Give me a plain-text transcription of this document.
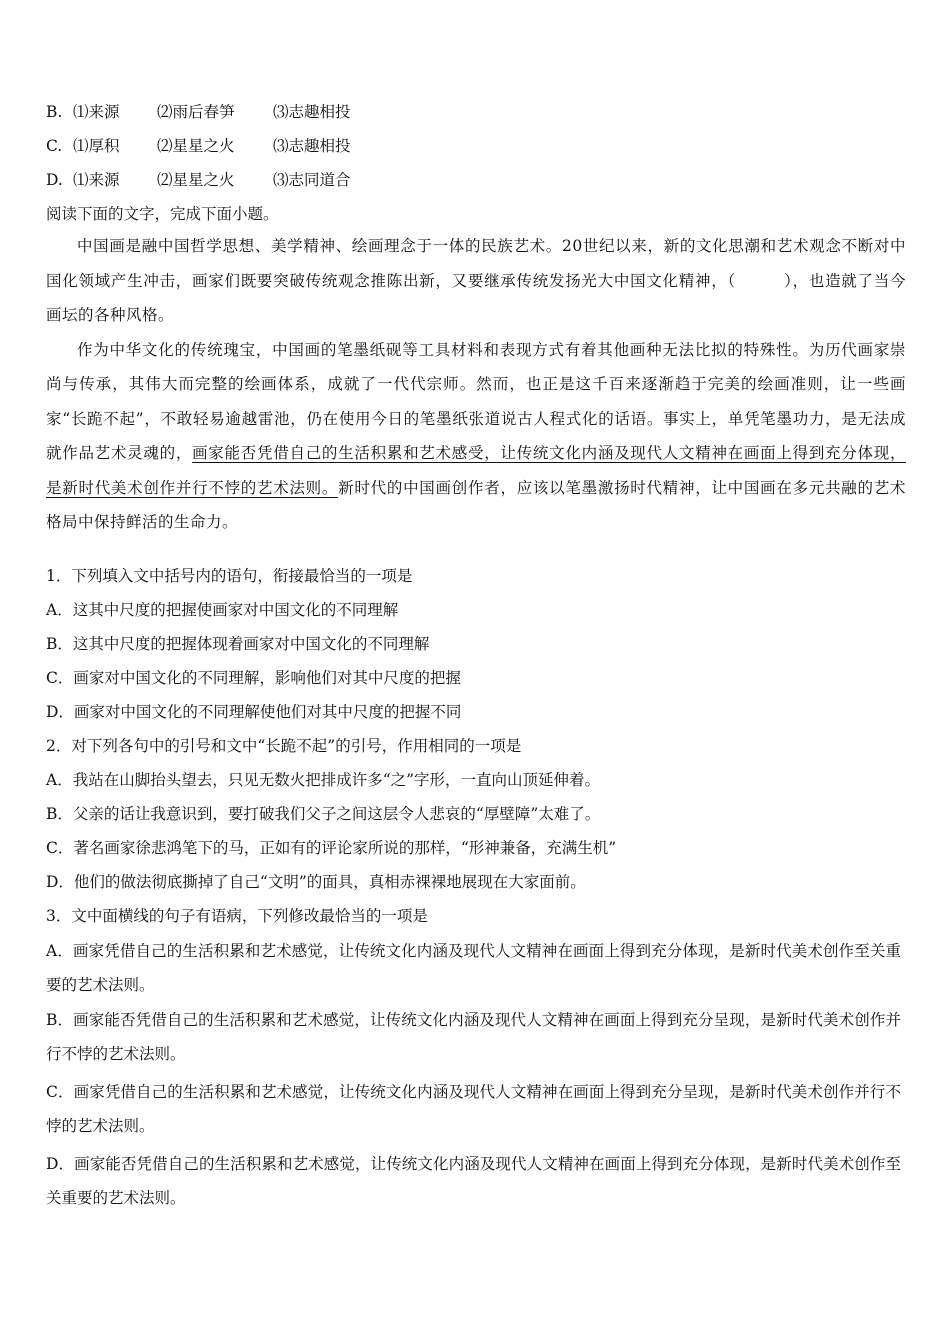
B. ⑴来源 ⑵雨后春笋 ⑶志趣相投
C. ⑴厚积 ⑵星星之火 ⑶志趣相投
D. ⑴来源 ⑵星星之火 ⑶志同道合
阅读下面的文字，完成下面小题。

中国画是融中国哲学思想、美学精神、绘画理念于一体的民族艺术。20世纪以来，新的文化思潮和艺术观念不断对中国化领域产生冲击，画家们既要突破传统观念推陈出新，又要继承传统发扬光大中国文化精神，（	），也造就了当今画坛的各种风格。

作为中华文化的传统瑰宝，中国画的笔墨纸砚等工具材料和表现方式有着其他画种无法比拟的特殊性。为历代画家崇尚与传承，其伟大而完整的绘画体系，成就了一代代宗师。然而，也正是这千百来逐渐趋于完美的绘画准则，让一些画家“长跪不起”，不敢轻易逾越雷池，仍在使用今日的笔墨纸张道说古人程式化的话语。事实上，单凭笔墨功力，是无法成就作品艺术灵魂的，画家能否凭借自己的生活积累和艺术感受，让传统文化内涵及现代人文精神在画面上得到充分体现，是新时代美术创作并行不悖的艺术法则。新时代的中国画创作者，应该以笔墨激扬时代精神，让中国画在多元共融的艺术格局中保持鲜活的生命力。

1．下列填入文中括号内的语句，衔接最恰当的一项是
A．这其中尺度的把握使画家对中国文化的不同理解
B．这其中尺度的把握体现着画家对中国文化的不同理解
C．画家对中国文化的不同理解，影响他们对其中尺度的把握
D．画家对中国文化的不同理解使他们对其中尺度的把握不同
2．对下列各句中的引号和文中“长跪不起”的引号，作用相同的一项是
A．我站在山脚抬头望去，只见无数火把排成许多“之”字形，一直向山顶延伸着。
B．父亲的话让我意识到，要打破我们父子之间这层令人悲哀的“厚壁障”太难了。
C．著名画家徐悲鸿笔下的马，正如有的评论家所说的那样，“形神兼备，充满生机”
D．他们的做法彻底撕掉了自己“文明”的面具，真相赤裸裸地展现在大家面前。
3．文中面横线的句子有语病，下列修改最恰当的一项是
A．画家凭借自己的生活积累和艺术感觉，让传统文化内涵及现代人文精神在画面上得到充分体现，是新时代美术创作至关重要的艺术法则。
B．画家能否凭借自己的生活积累和艺术感觉，让传统文化内涵及现代人文精神在画面上得到充分呈现，是新时代美术创作并行不悖的艺术法则。
C．画家凭借自己的生活积累和艺术感觉，让传统文化内涵及现代人文精神在画面上得到充分呈现，是新时代美术创作并行不悖的艺术法则。
D．画家能否凭借自己的生活积累和艺术感觉，让传统文化内涵及现代人文精神在画面上得到充分体现，是新时代美术创作至关重要的艺术法则。
